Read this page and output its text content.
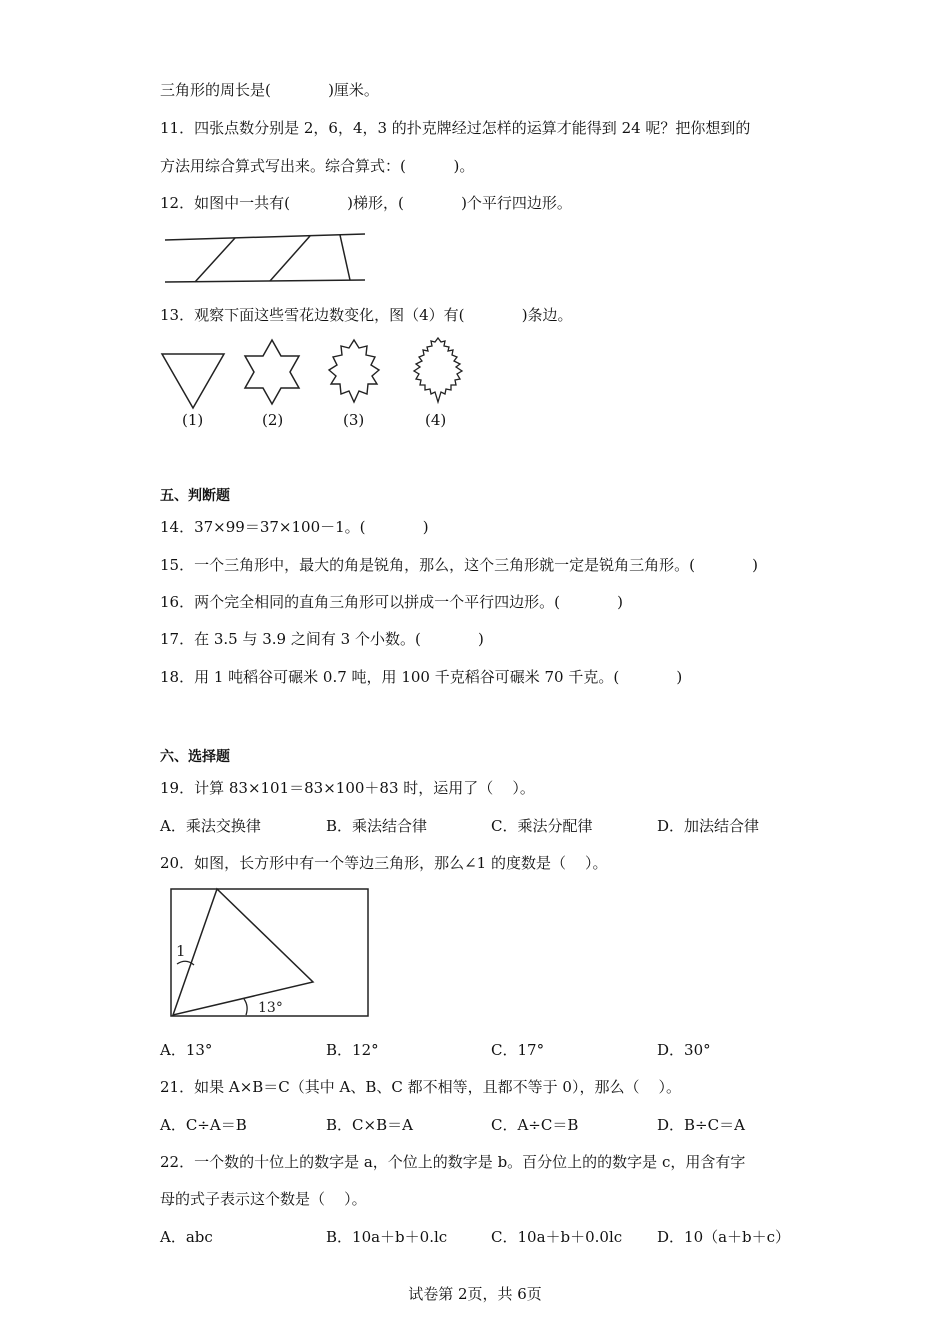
三角形的周长是(            )厘米。
11．四张点数分别是 2，6，4，3 的扑克牌经过怎样的运算才能得到 24 呢？把你想到的
方法用综合算式写出来。综合算式：(          )。
12．如图中一共有(            )梯形，(            )个平行四边形。
13．观察下面这些雪花边数变化，图（4）有(            )条边。
(1)	(2)	(3)	(4)
五、判断题
14．37×99＝37×100－1。(            )
15．一个三角形中，最大的角是锐角，那么，这个三角形就一定是锐角三角形。(            )
16．两个完全相同的直角三角形可以拼成一个平行四边形。(            )
17．在 3.5 与 3.9 之间有 3 个小数。(            )
18．用 1 吨稻谷可碾米 0.7 吨，用 100 千克稻谷可碾米 70 千克。(            )
六、选择题
19．计算 83×101＝83×100＋83 时，运用了（    ）。
A．乘法交换律	B．乘法结合律	C．乘法分配律	D．加法结合律
20．如图，长方形中有一个等边三角形，那么∠1 的度数是（    ）。
1
13°
A．13°	B．12°	C．17°	D．30°
21．如果 A×B＝C（其中 A、B、C 都不相等，且都不等于 0），那么（    ）。
A．C÷A＝B	B．C×B＝A	C．A÷C＝B	D．B÷C＝A
22．一个数的十位上的数字是 a，个位上的数字是 b。百分位上的的数字是 c，用含有字
母的式子表示这个数是（    ）。
A．abc	B．10a＋b＋0.lc	C．10a＋b＋0.0lc D．10（a＋b＋c）
试卷第 2页，共 6页
